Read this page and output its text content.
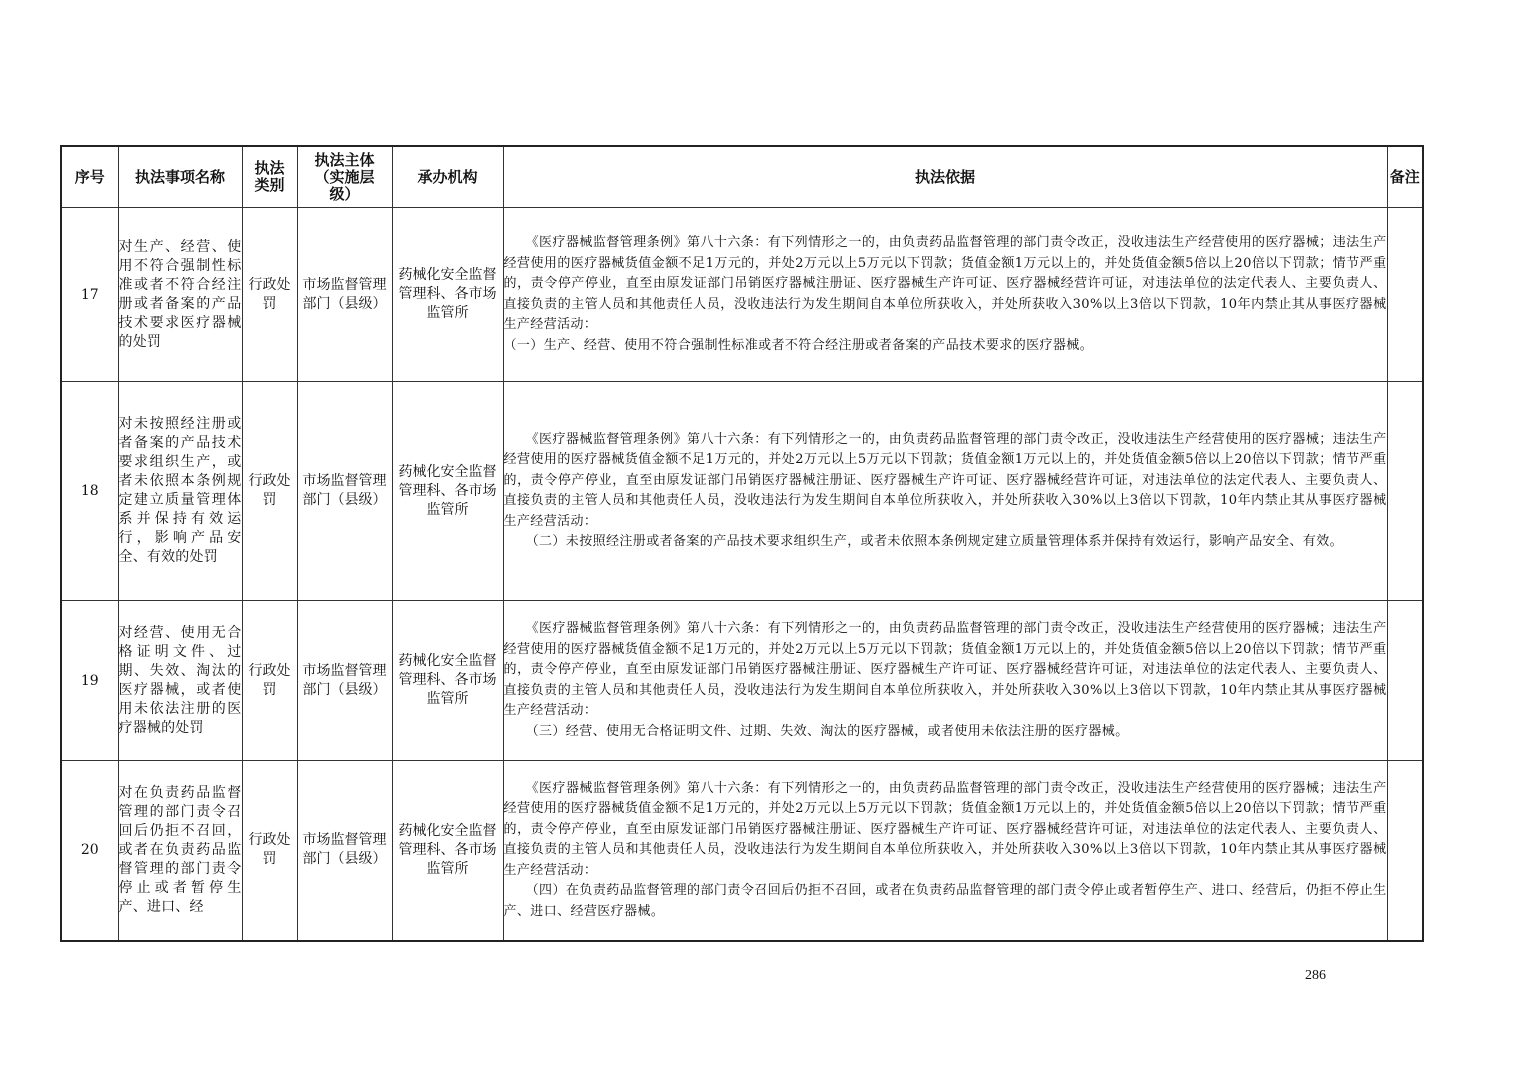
序号	执法事项名称	执法类别	执法主体（实施层级）	承办机构	执法依据	备注

17	对生产、经营、使用不符合强制性标准或者不符合经注册或者备案的产品技术要求医疗器械的处罚	行政处罚	市场监督管理部门（县级）	药械化安全监督管理科、各市场监管所	《医疗器械监督管理条例》第八十六条：有下列情形之一的，由负责药品监督管理的部门责令改正，没收违法生产经营使用的医疗器械；违法生产经营使用的医疗器械货值金额不足1万元的，并处2万元以上5万元以下罚款；货值金额1万元以上的，并处货值金额5倍以上20倍以下罚款；情节严重的，责令停产停业，直至由原发证部门吊销医疗器械注册证、医疗器械生产许可证、医疗器械经营许可证，对违法单位的法定代表人、主要负责人、直接负责的主管人员和其他责任人员，没收违法行为发生期间自本单位所获收入，并处所获收入30%以上3倍以下罚款，10年内禁止其从事医疗器械生产经营活动：

（一）生产、经营、使用不符合强制性标准或者不符合经注册或者备案的产品技术要求的医疗器械。	

18	对未按照经注册或者备案的产品技术要求组织生产，或者未依照本条例规定建立质量管理体系并保持有效运行，影响产品安全、有效的处罚	行政处罚	市场监督管理部门（县级）	药械化安全监督管理科、各市场监管所	《医疗器械监督管理条例》第八十六条：有下列情形之一的，由负责药品监督管理的部门责令改正，没收违法生产经营使用的医疗器械；违法生产经营使用的医疗器械货值金额不足1万元的，并处2万元以上5万元以下罚款；货值金额1万元以上的，并处货值金额5倍以上20倍以下罚款；情节严重的，责令停产停业，直至由原发证部门吊销医疗器械注册证、医疗器械生产许可证、医疗器械经营许可证，对违法单位的法定代表人、主要负责人、直接负责的主管人员和其他责任人员，没收违法行为发生期间自本单位所获收入，并处所获收入30%以上3倍以下罚款，10年内禁止其从事医疗器械生产经营活动：

（二）未按照经注册或者备案的产品技术要求组织生产，或者未依照本条例规定建立质量管理体系并保持有效运行，影响产品安全、有效。	

19	对经营、使用无合格证明文件、过期、失效、淘汰的医疗器械，或者使用未依法注册的医疗器械的处罚	行政处罚	市场监督管理部门（县级）	药械化安全监督管理科、各市场监管所	《医疗器械监督管理条例》第八十六条：有下列情形之一的，由负责药品监督管理的部门责令改正，没收违法生产经营使用的医疗器械；违法生产经营使用的医疗器械货值金额不足1万元的，并处2万元以上5万元以下罚款；货值金额1万元以上的，并处货值金额5倍以上20倍以下罚款；情节严重的，责令停产停业，直至由原发证部门吊销医疗器械注册证、医疗器械生产许可证、医疗器械经营许可证，对违法单位的法定代表人、主要负责人、直接负责的主管人员和其他责任人员，没收违法行为发生期间自本单位所获收入，并处所获收入30%以上3倍以下罚款，10年内禁止其从事医疗器械生产经营活动：

（三）经营、使用无合格证明文件、过期、失效、淘汰的医疗器械，或者使用未依法注册的医疗器械。	

20	对在负责药品监督管理的部门责令召回后仍拒不召回，或者在负责药品监督管理的部门责令停止或者暂停生产、进口、经	行政处罚	市场监督管理部门（县级）	药械化安全监督管理科、各市场监管所	《医疗器械监督管理条例》第八十六条：有下列情形之一的，由负责药品监督管理的部门责令改正，没收违法生产经营使用的医疗器械；违法生产经营使用的医疗器械货值金额不足1万元的，并处2万元以上5万元以下罚款；货值金额1万元以上的，并处货值金额5倍以上20倍以下罚款；情节严重的，责令停产停业，直至由原发证部门吊销医疗器械注册证、医疗器械生产许可证、医疗器械经营许可证，对违法单位的法定代表人、主要负责人、直接负责的主管人员和其他责任人员，没收违法行为发生期间自本单位所获收入，并处所获收入30%以上3倍以下罚款，10年内禁止其从事医疗器械生产经营活动：

（四）在负责药品监督管理的部门责令召回后仍拒不召回，或者在负责药品监督管理的部门责令停止或者暂停生产、进口、经营后，仍拒不停止生产、进口、经营医疗器械。	

286
